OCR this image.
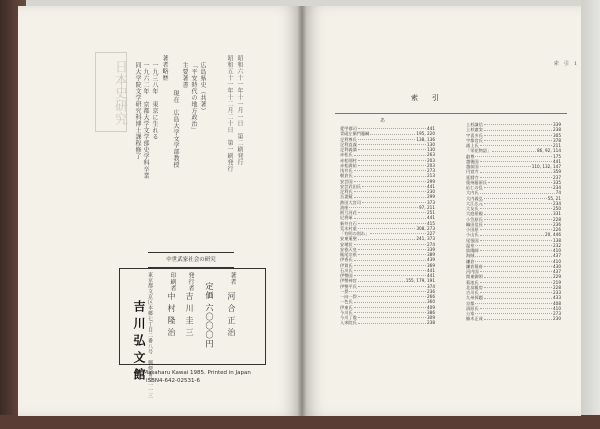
日本史研究	著者略歴
一九三八年　東京に生れる
一九六二年　京都大学文学部史学科卒業
同大学院文学研究科博士課程修了	現在　広島大学文学部教授
主要著書 「平安時代の地方政治」 広島県史（共著）	昭和五十一年十二月二十日　第一刷発行 昭和六十一年十一月一日　第二刷発行
中世武家社会の研究
定価 六〇〇〇円
著者
河合正治
発行者
吉川圭三
印刷者
中村隆治
東京都文京区本郷七丁目二番八号　郵便番号一一三
吉川弘文館
© Masaharu Kawai 1985. Printed in Japan
ISBN4-642-02531-6
索　引　1
索引
あ
愛甲郡司	441
青砥左衛門藤綱	195, 220
足利尊氏	138, 136
足利直義	130
足利義満	130
赤松氏	263
赤松則村	203
赤松満祐	203
浅井氏	273
朝倉氏	213
安芸国	299
安芸武田氏	441
足利氏	230
吾妻鏡	299
熱田大宮司	373
油座	97, 211
阿弖河荘	251
尼将軍	441
新井白石	415
荒木村重	308, 273
「有明の別れ」	227
安東蓮聖	241, 373
安堵状	274
安徳天皇	339
飯尾宗祇	389
伊香氏	439
伊賀氏	369
石川氏	441
伊勢国	441
伊勢神宮	155, 179, 191
伊勢平氏	374
一揆	236
一向一揆	266
一色氏	360
伊東氏	409
今川氏	386
今川了俊	309
入来院氏	238
上杉謙信	339
上杉憲実	238
宇喜多氏	305
宇都宮氏	378
浦上氏	211
「栄花物語」	86, 92, 114
叡尊	175
越後国	441
越前国	110, 132, 147
円覚寺	359
延暦寺	237
奥州藤原氏	335
応仁の乱	234
大内氏	74
大内義弘	55, 21
大江広元	234
大友氏	250
大庭景親	331
小笠原氏	228
織田信長	236
小田原	226
小山氏	20, 446
尾張国	138
温泉	232
陰陽師	410
海賊	437
鎌倉	410
鎌倉幕府	430
河内国	437
関東御領	229
菊池氏	219
北畠親房	228
吉川氏	233
九州探題	433
京都	408
清原氏	410
公家	273
楠木正成	230
